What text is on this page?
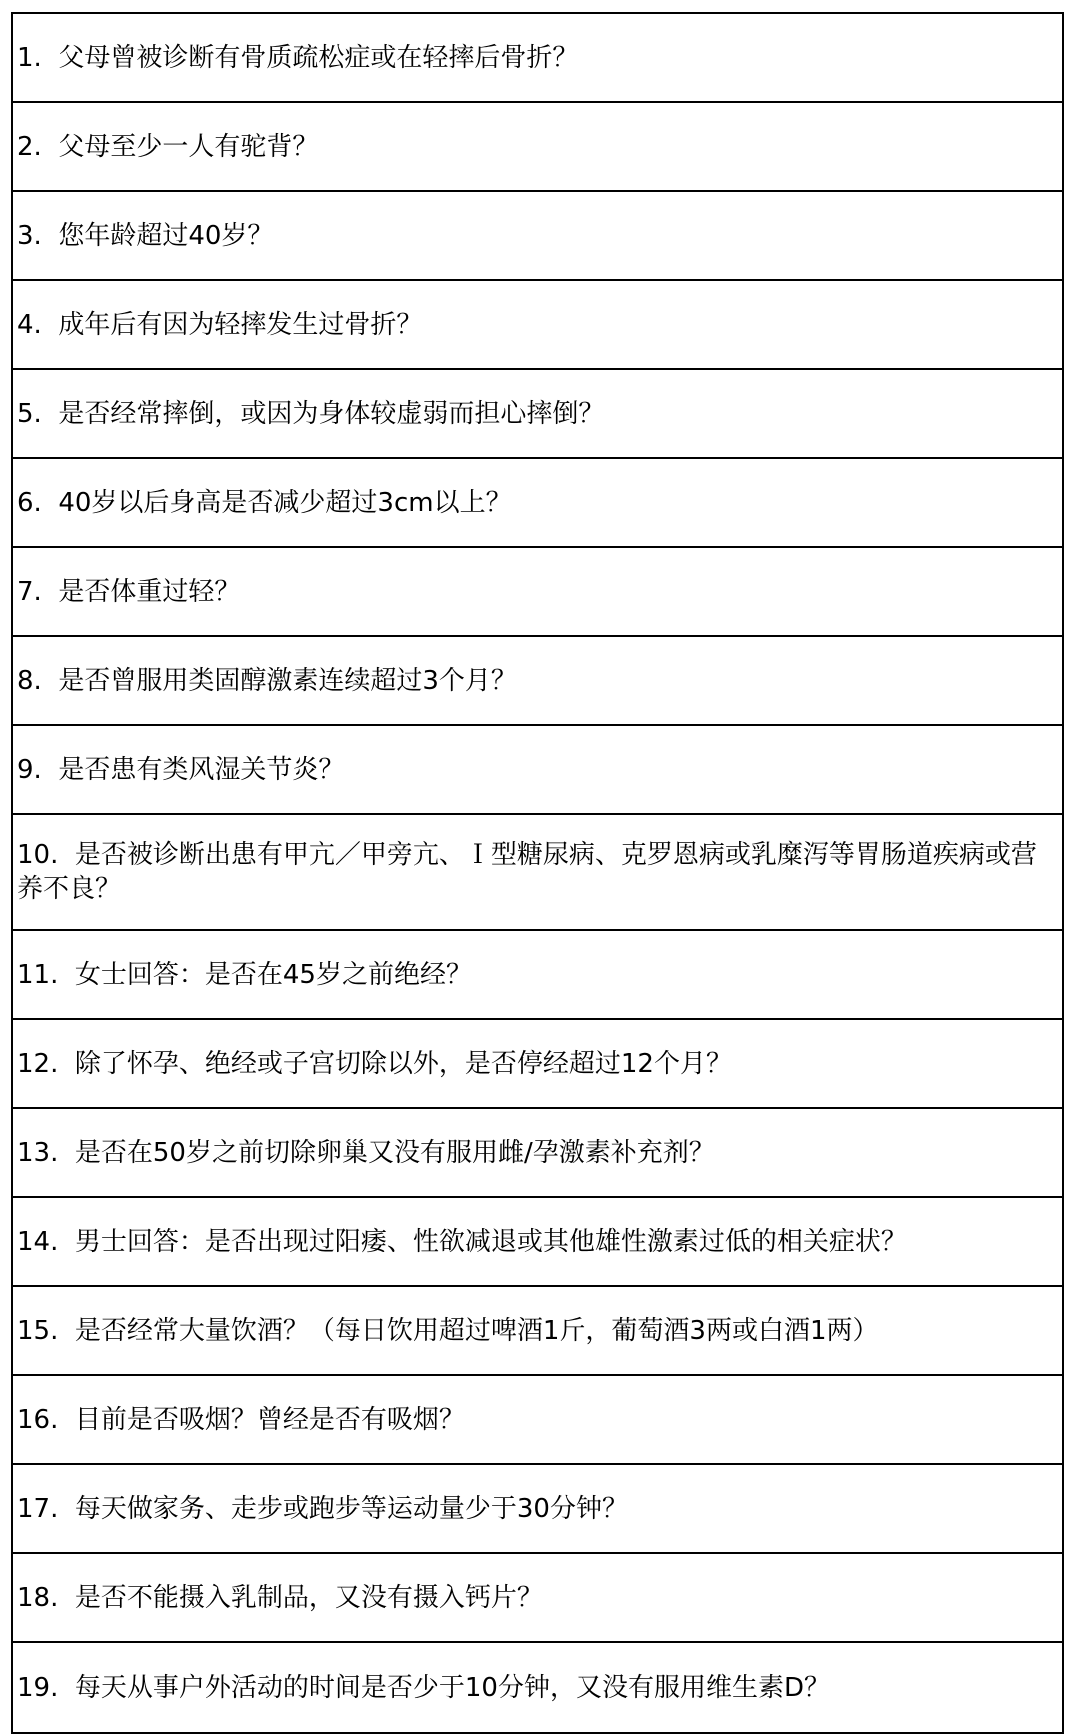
1.
父母曾被诊断有骨质疏松症或在轻摔后骨折？
2.
父母至少一人有驼背？
3.
您年龄超过40岁？
4.
成年后有因为轻摔发生过骨折？
5.
是否经常摔倒，或因为身体较虚弱而担心摔倒？
6.
40岁以后身高是否减少超过3cm以上？
7.
是否体重过轻？
8.
是否曾服用类固醇激素连续超过3个月？
9.
是否患有类风湿关节炎？
10. 是否被诊断出患有甲亢／甲旁亢、Ｉ型糖尿病、克罗恩病或乳糜泻等胃肠道疾病或营养不良？
11.
女士回答：是否在45岁之前绝经？
12.
除了怀孕、绝经或子宫切除以外，是否停经超过12个月？
13.
是否在50岁之前切除卵巢又没有服用雌/孕激素补充剂？
14.
男士回答：是否出现过阳痿、性欲减退或其他雄性激素过低的相关症状？
15.
是否经常大量饮酒？（每日饮用超过啤酒1斤，葡萄酒3两或白酒1两）
16.
目前是否吸烟？曾经是否有吸烟？
17.
每天做家务、走步或跑步等运动量少于30分钟？
18.
是否不能摄入乳制品，又没有摄入钙片？
19.
每天从事户外活动的时间是否少于10分钟，又没有服用维生素D？
